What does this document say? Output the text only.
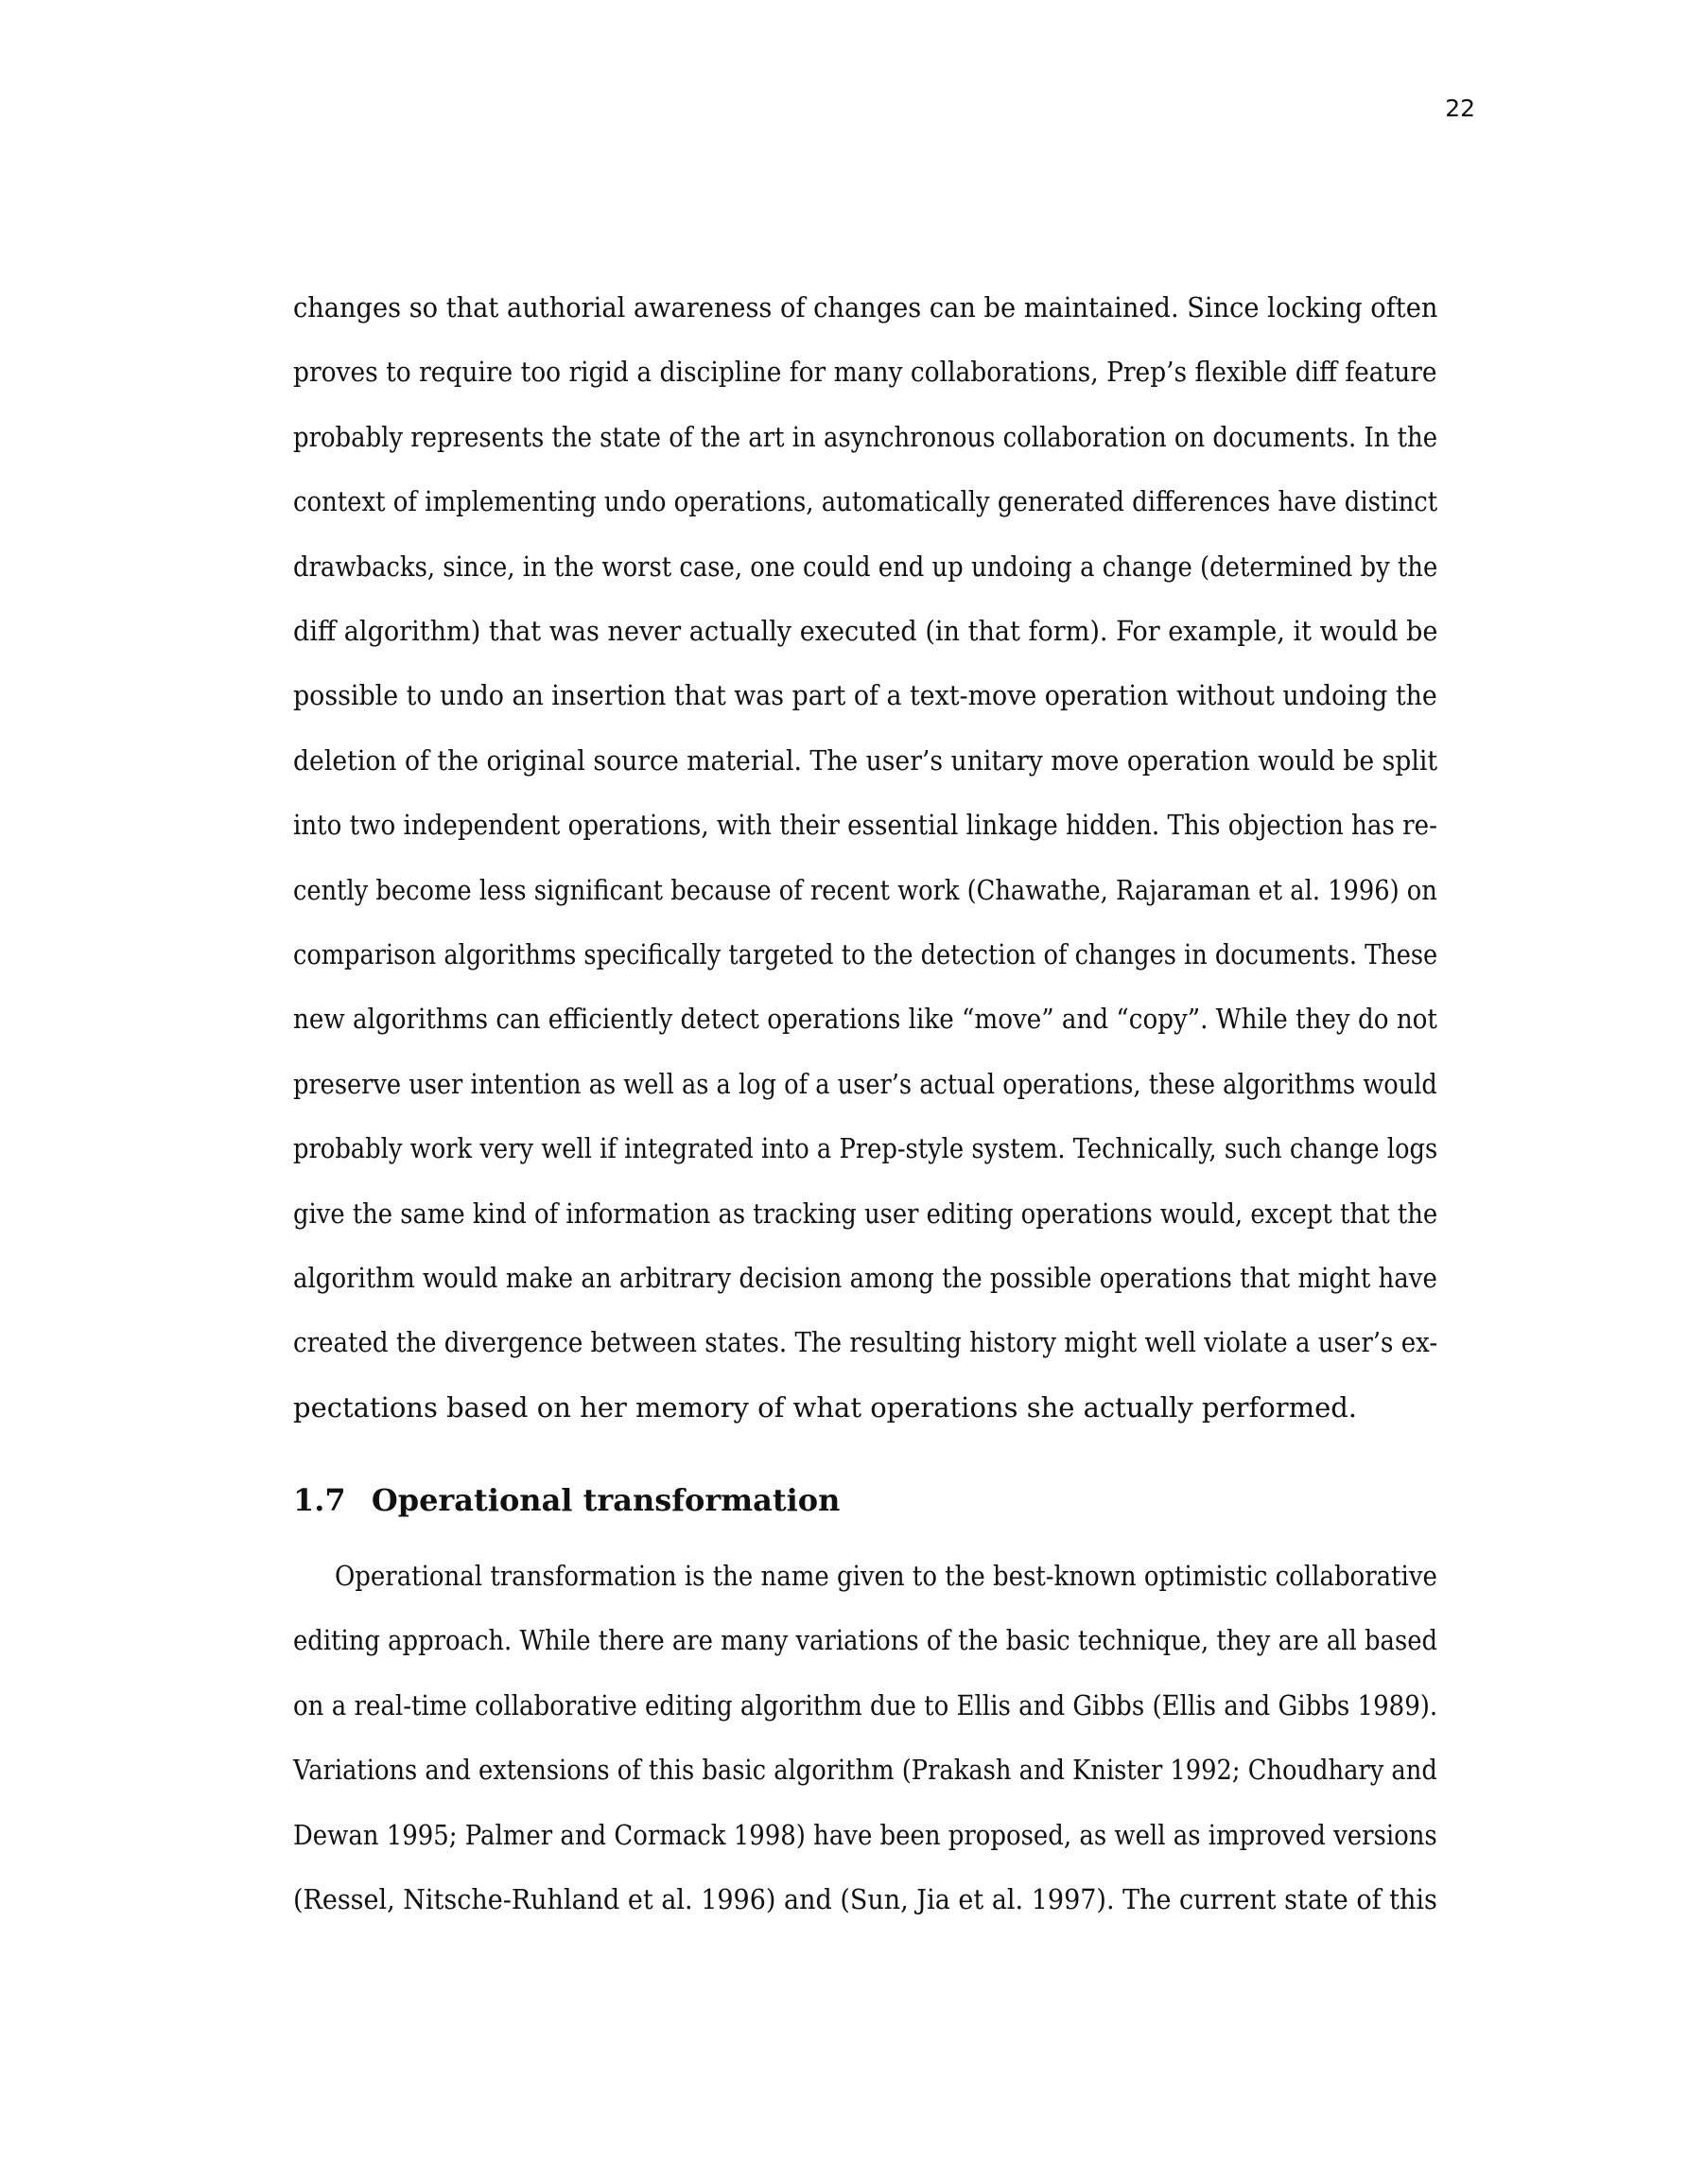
22
changes so that authorial awareness of changes can be maintained. Since locking often
proves to require too rigid a discipline for many collaborations, Prep’s flexible diff feature
probably represents the state of the art in asynchronous collaboration on documents. In the
context of implementing undo operations, automatically generated differences have distinct
drawbacks, since, in the worst case, one could end up undoing a change (determined by the
diff algorithm) that was never actually executed (in that form). For example, it would be
possible to undo an insertion that was part of a text-move operation without undoing the
deletion of the original source material. The user’s unitary move operation would be split
into two independent operations, with their essential linkage hidden. This objection has re-
cently become less significant because of recent work (Chawathe, Rajaraman et al. 1996) on
comparison algorithms specifically targeted to the detection of changes in documents. These
new algorithms can efficiently detect operations like “move” and “copy”. While they do not
preserve user intention as well as a log of a user’s actual operations, these algorithms would
probably work very well if integrated into a Prep-style system. Technically, such change logs
give the same kind of information as tracking user editing operations would, except that the
algorithm would make an arbitrary decision among the possible operations that might have
created the divergence between states. The resulting history might well violate a user’s ex-
pectations based on her memory of what operations she actually performed.
1.7 Operational transformation
Operational transformation is the name given to the best-known optimistic collaborative
editing approach. While there are many variations of the basic technique, they are all based
on a real-time collaborative editing algorithm due to Ellis and Gibbs (Ellis and Gibbs 1989).
Variations and extensions of this basic algorithm (Prakash and Knister 1992; Choudhary and
Dewan 1995; Palmer and Cormack 1998) have been proposed, as well as improved versions
(Ressel, Nitsche-Ruhland et al. 1996) and (Sun, Jia et al. 1997). The current state of this
